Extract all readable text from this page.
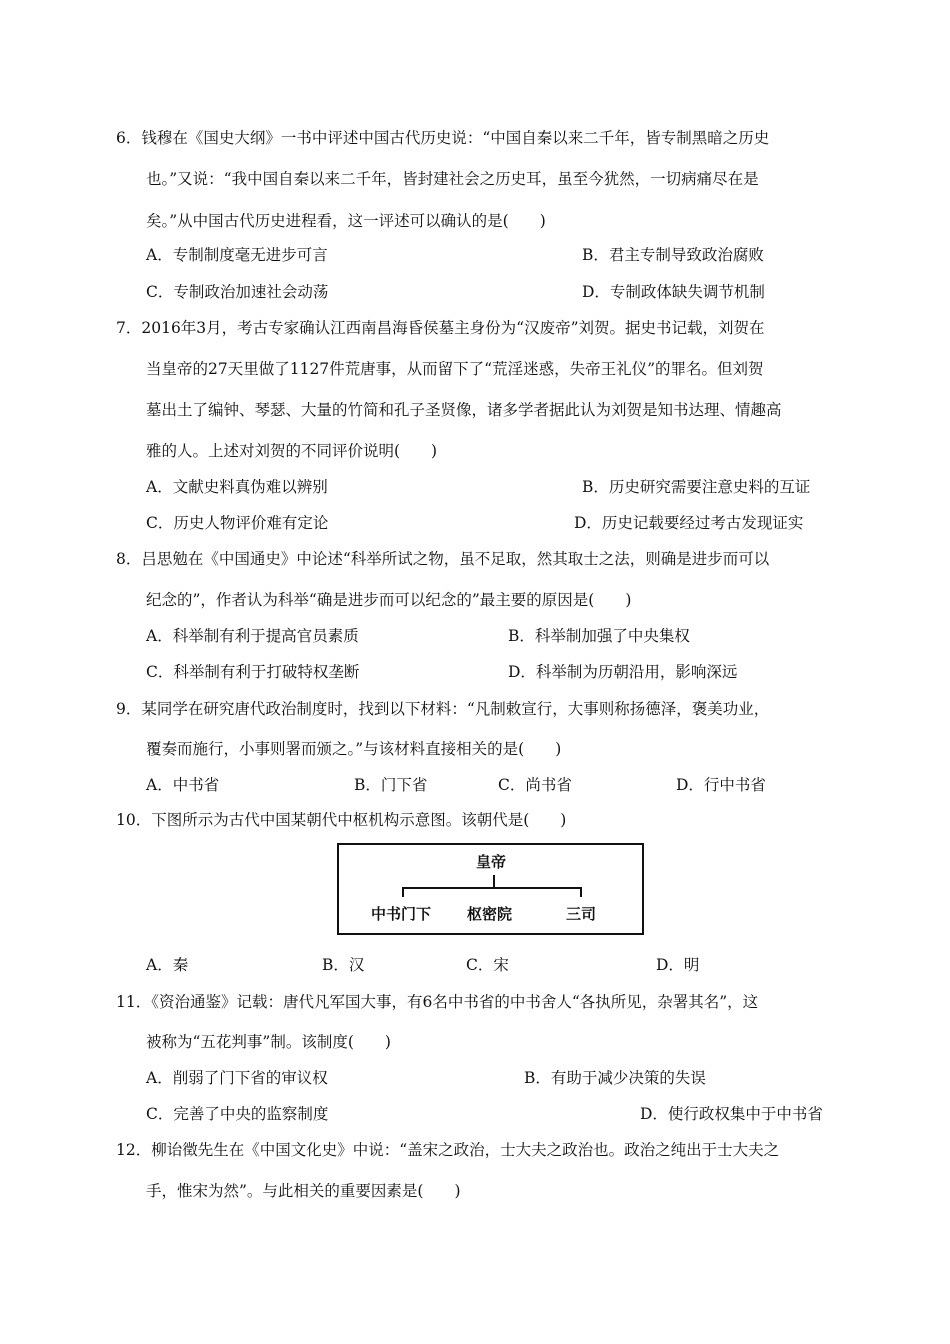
6．钱穆在《国史大纲》一书中评述中国古代历史说：“中国自秦以来二千年，皆专制黑暗之历史
也。”又说：“我中国自秦以来二千年，皆封建社会之历史耳，虽至今犹然，一切病痛尽在是
矣。”从中国古代历史进程看，这一评述可以确认的是(　　)
A．专制制度毫无进步可言	B．君主专制导致政治腐败
C．专制政治加速社会动荡	D．专制政体缺失调节机制
7．2016年3月，考古专家确认江西南昌海昏侯墓主身份为“汉废帝”刘贺。据史书记载，刘贺在
当皇帝的27天里做了1127件荒唐事，从而留下了“荒淫迷惑，失帝王礼仪”的罪名。但刘贺
墓出土了编钟、琴瑟、大量的竹简和孔子圣贤像，诸多学者据此认为刘贺是知书达理、情趣高
雅的人。上述对刘贺的不同评价说明(　　)
A．文献史料真伪难以辨别	B．历史研究需要注意史料的互证
C．历史人物评价难有定论	D．历史记载要经过考古发现证实
8．吕思勉在《中国通史》中论述“科举所试之物，虽不足取，然其取士之法，则确是进步而可以
纪念的”，作者认为科举“确是进步而可以纪念的”最主要的原因是(　　)
A．科举制有利于提高官员素质	B．科举制加强了中央集权
C．科举制有利于打破特权垄断	D．科举制为历朝沿用，影响深远
9．某同学在研究唐代政治制度时，找到以下材料：“凡制敕宣行，大事则称扬德泽，褒美功业，
覆奏而施行，小事则署而颁之。”与该材料直接相关的是(　　)
A．中书省	B．门下省	C．尚书省	D．行中书省
10．下图所示为古代中国某朝代中枢机构示意图。该朝代是(　　)
皇帝
中书门下 枢密院	三司
A．秦	B．汉	C．宋	D．明
11．《资治通鉴》记载：唐代凡军国大事，有6名中书省的中书舍人“各执所见，杂署其名”，这
被称为“五花判事”制。该制度(　　)
A．削弱了门下省的审议权	B．有助于减少决策的失误
C．完善了中央的监察制度	D．使行政权集中于中书省
12．柳诒徵先生在《中国文化史》中说：“盖宋之政治，士大夫之政治也。政治之纯出于士大夫之
手，惟宋为然”。与此相关的重要因素是(　　)
